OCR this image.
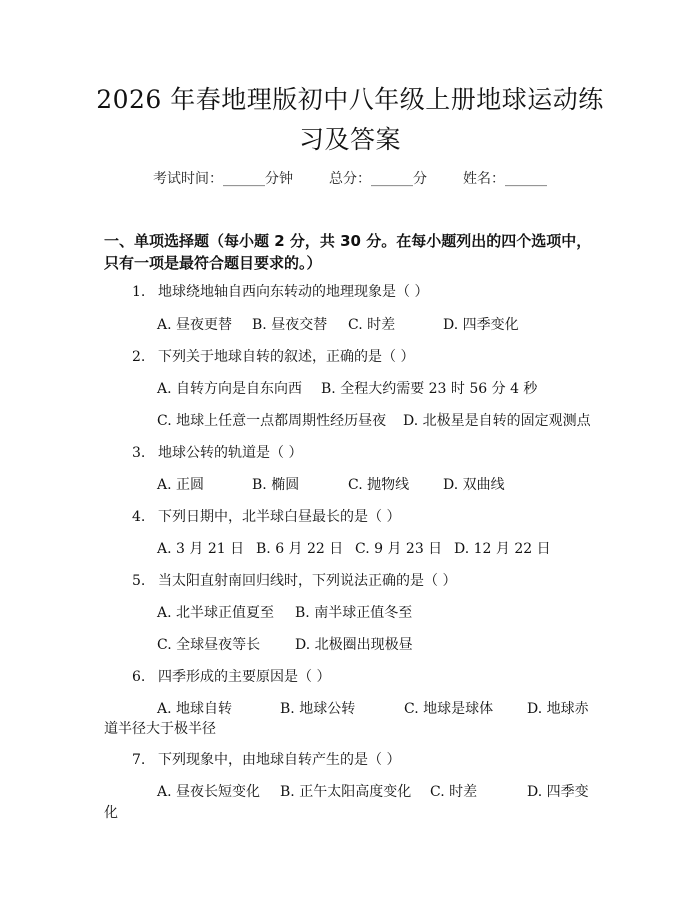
2026 年春地理版初中八年级上册地球运动练
习及答案
考试时间：______分钟	总分：______分	姓名：______
一、单项选择题（每小题 2 分，共 30 分。在每小题列出的四个选项中，只有一项是最符合题目要求的。）
1. 地球绕地轴自西向东转动的地理现象是（ ）
A. 昼夜更替 B. 昼夜交替 C. 时差	D. 四季变化
2. 下列关于地球自转的叙述，正确的是（ ）
A. 自转方向是自东向西 B. 全程大约需要 23 时 56 分 4 秒
C. 地球上任意一点都周期性经历昼夜 D. 北极星是自转的固定观测点
3. 地球公转的轨道是（ ）
A. 正圆	B. 椭圆	C. 抛物线 D. 双曲线
4. 下列日期中，北半球白昼最长的是（ ）
A. 3 月 21 日 B. 6 月 22 日 C. 9 月 23 日 D. 12 月 22 日
5. 当太阳直射南回归线时，下列说法正确的是（ ）
A. 北半球正值夏至 B. 南半球正值冬至
C. 全球昼夜等长 D. 北极圈出现极昼
6. 四季形成的主要原因是（ ）
A. 地球自转	B. 地球公转	C. 地球是球体 D. 地球赤
道半径大于极半径
7. 下列现象中，由地球自转产生的是（ ）
A. 昼夜长短变化 B. 正午太阳高度变化 C. 时差	D. 四季变
化
